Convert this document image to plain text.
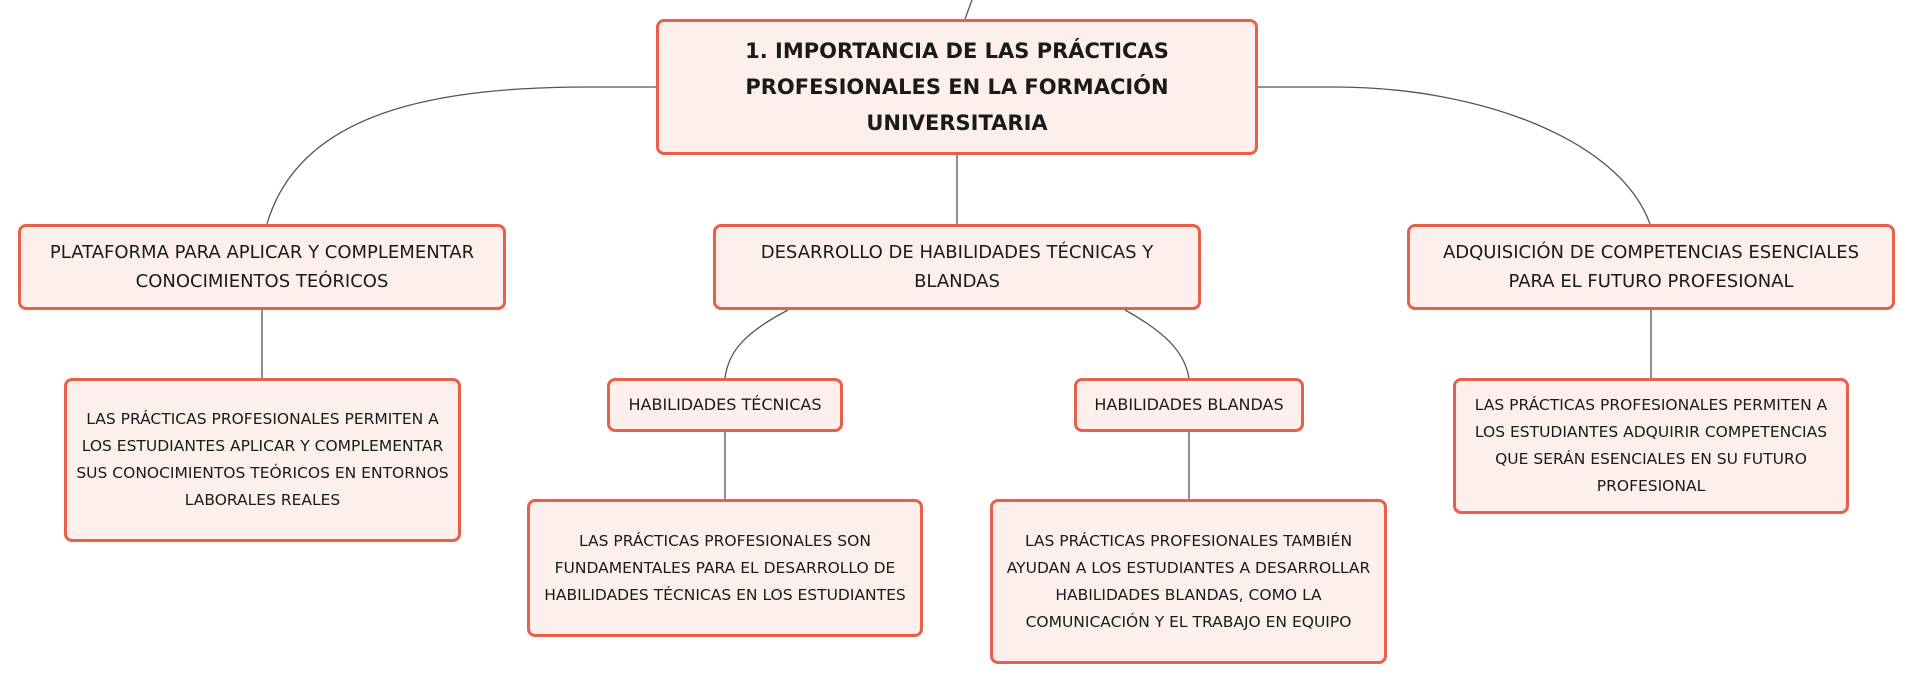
1. IMPORTANCIA DE LAS PRÁCTICAS PROFESIONALES EN LA FORMACIÓN UNIVERSITARIA
PLATAFORMA PARA APLICAR Y COMPLEMENTAR CONOCIMIENTOS TEÓRICOS
DESARROLLO DE HABILIDADES TÉCNICAS Y BLANDAS
ADQUISICIÓN DE COMPETENCIAS ESENCIALES PARA EL FUTURO PROFESIONAL
HABILIDADES TÉCNICAS	HABILIDADES BLANDAS
LAS PRÁCTICAS PROFESIONALES PERMITEN A LOS ESTUDIANTES APLICAR Y COMPLEMENTAR SUS CONOCIMIENTOS TEÓRICOS EN ENTORNOS LABORALES REALES
LAS PRÁCTICAS PROFESIONALES SON FUNDAMENTALES PARA EL DESARROLLO DE HABILIDADES TÉCNICAS EN LOS ESTUDIANTES
LAS PRÁCTICAS PROFESIONALES TAMBIÉN AYUDAN A LOS ESTUDIANTES A DESARROLLAR HABILIDADES BLANDAS, COMO LA COMUNICACIÓN Y EL TRABAJO EN EQUIPO
LAS PRÁCTICAS PROFESIONALES PERMITEN A LOS ESTUDIANTES ADQUIRIR COMPETENCIAS QUE SERÁN ESENCIALES EN SU FUTURO PROFESIONAL
